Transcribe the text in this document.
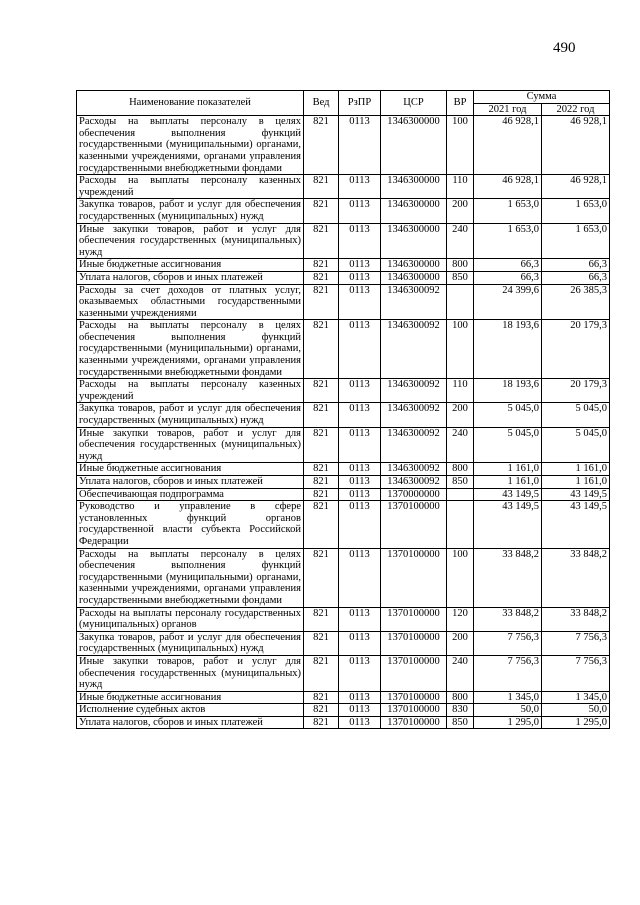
490
Наименование показателей	Вед	РзПР	ЦСР	ВР	Сумма	
					2021 год	2022 год
Расходы на выплаты персоналу в целях обеспечения выполнения функций государственными (муниципальными) органами, казенными учреждениями, органами управления государственными внебюджетными фондами	821	0113	1346300000	100	46 928,1	46 928,1
Расходы на выплаты персоналу казенных учреждений	821	0113	1346300000	110	46 928,1	46 928,1
Закупка товаров, работ и услуг для обеспечения государственных (муниципальных) нужд	821	0113	1346300000	200	1 653,0	1 653,0
Иные закупки товаров, работ и услуг для обеспечения государственных (муниципальных) нужд	821	0113	1346300000	240	1 653,0	1 653,0
Иные бюджетные ассигнования	821	0113	1346300000	800	66,3	66,3
Уплата налогов, сборов и иных платежей	821	0113	1346300000	850	66,3	66,3
Расходы за счет доходов от платных услуг, оказываемых областными государственными казенными учреждениями	821	0113	1346300092		24 399,6	26 385,3
Расходы на выплаты персоналу в целях обеспечения выполнения функций государственными (муниципальными) органами, казенными учреждениями, органами управления государственными внебюджетными фондами	821	0113	1346300092	100	18 193,6	20 179,3
Расходы на выплаты персоналу казенных учреждений	821	0113	1346300092	110	18 193,6	20 179,3
Закупка товаров, работ и услуг для обеспечения государственных (муниципальных) нужд	821	0113	1346300092	200	5 045,0	5 045,0
Иные закупки товаров, работ и услуг для обеспечения государственных (муниципальных) нужд	821	0113	1346300092	240	5 045,0	5 045,0
Иные бюджетные ассигнования	821	0113	1346300092	800	1 161,0	1 161,0
Уплата налогов, сборов и иных платежей	821	0113	1346300092	850	1 161,0	1 161,0
Обеспечивающая подпрограмма	821	0113	1370000000		43 149,5	43 149,5
Руководство и управление в сфере установленных функций органов государственной власти субъекта Российской Федерации	821	0113	1370100000		43 149,5	43 149,5
Расходы на выплаты персоналу в целях обеспечения выполнения функций государственными (муниципальными) органами, казенными учреждениями, органами управления государственными внебюджетными фондами	821	0113	1370100000	100	33 848,2	33 848,2
Расходы на выплаты персоналу государственных (муниципальных) органов	821	0113	1370100000	120	33 848,2	33 848,2
Закупка товаров, работ и услуг для обеспечения государственных (муниципальных) нужд	821	0113	1370100000	200	7 756,3	7 756,3
Иные закупки товаров, работ и услуг для обеспечения государственных (муниципальных) нужд	821	0113	1370100000	240	7 756,3	7 756,3
Иные бюджетные ассигнования	821	0113	1370100000	800	1 345,0	1 345,0
Исполнение судебных актов	821	0113	1370100000	830	50,0	50,0
Уплата налогов, сборов и иных платежей	821	0113	1370100000	850	1 295,0	1 295,0
